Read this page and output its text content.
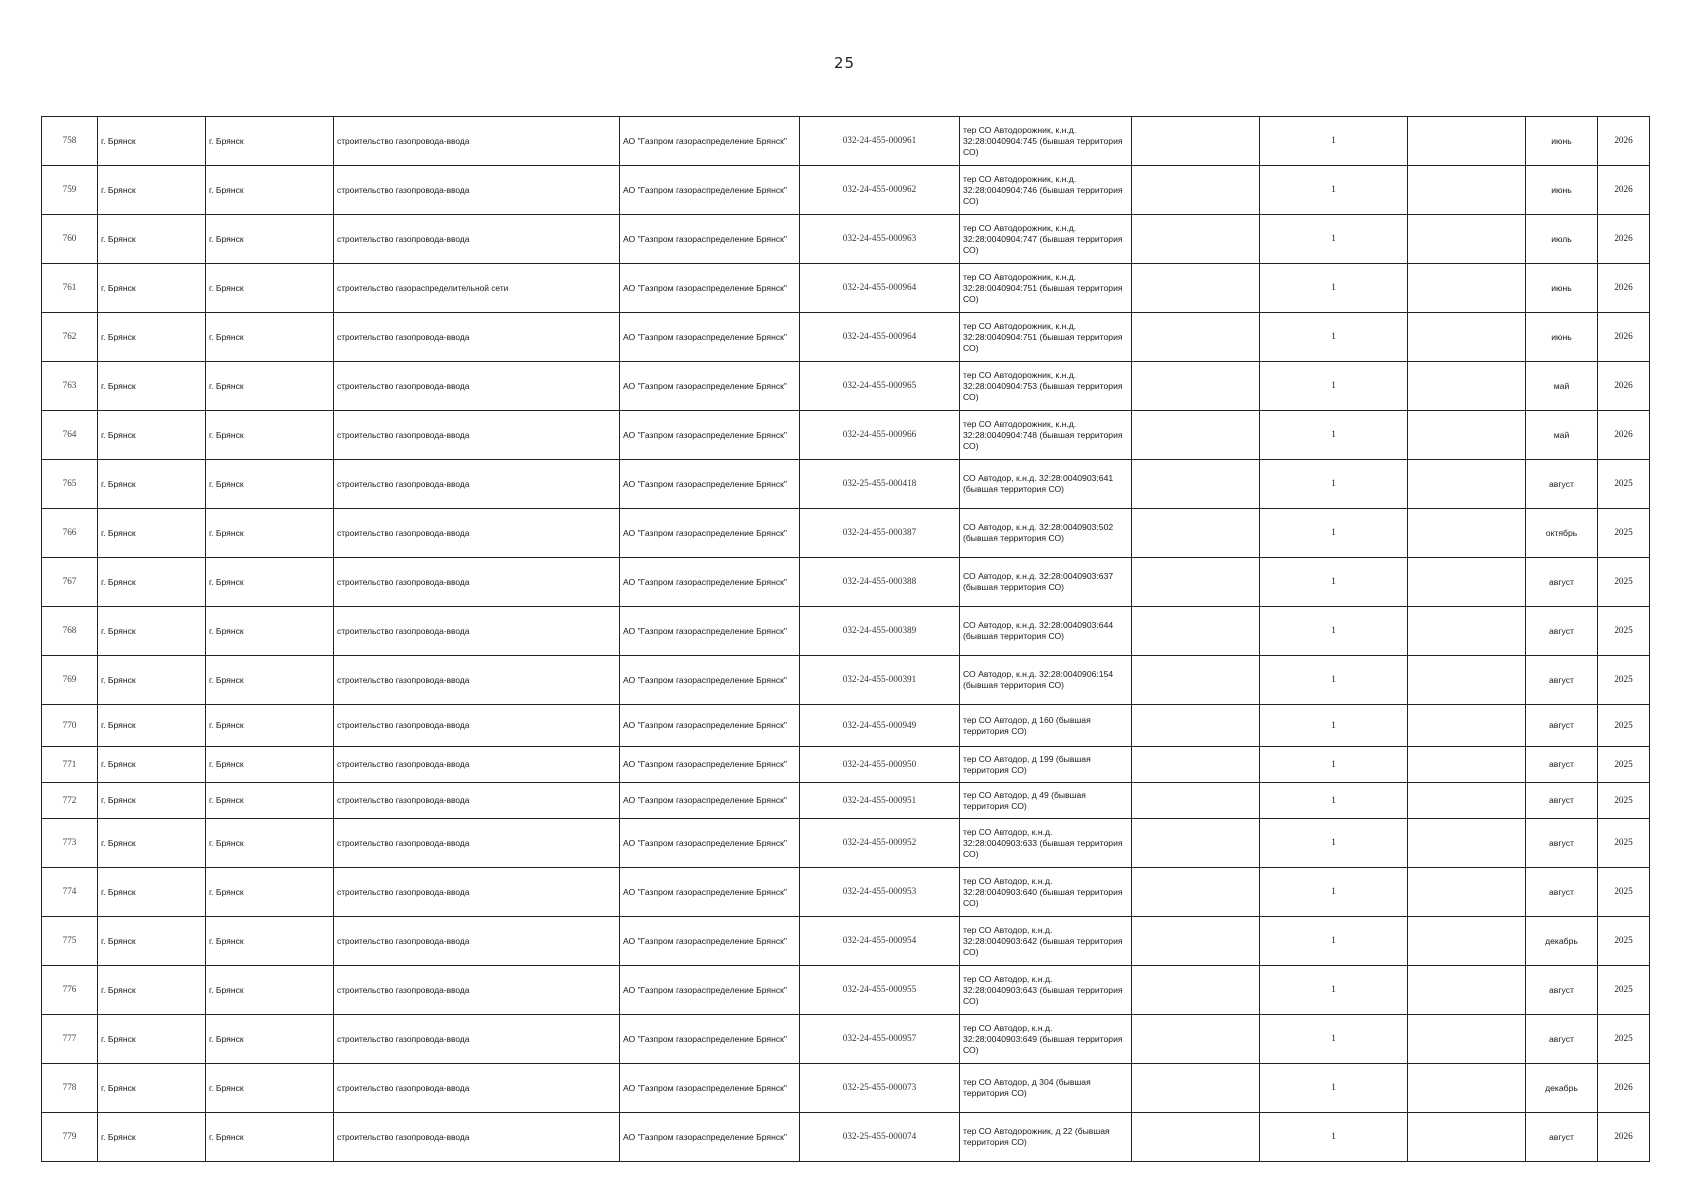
25
758	г. Брянск	г. Брянск	строительство газопровода-ввода	АО "Газпром газораспределение Брянск"	032-24-455-000961	тер СО Автодорожник, к.н.д. 32:28:0040904:745 (бывшая территория СО)		1		июнь	2026
759	г. Брянск	г. Брянск	строительство газопровода-ввода	АО "Газпром газораспределение Брянск"	032-24-455-000962	тер СО Автодорожник, к.н.д. 32:28:0040904:746 (бывшая территория СО)		1		июнь	2026
760	г. Брянск	г. Брянск	строительство газопровода-ввода	АО "Газпром газораспределение Брянск"	032-24-455-000963	тер СО Автодорожник, к.н.д. 32:28:0040904:747 (бывшая территория СО)		1		июль	2026
761	г. Брянск	г. Брянск	строительство газораспределительной сети	АО "Газпром газораспределение Брянск"	032-24-455-000964	тер СО Автодорожник, к.н.д. 32:28:0040904:751 (бывшая территория СО)		1		июнь	2026
762	г. Брянск	г. Брянск	строительство газопровода-ввода	АО "Газпром газораспределение Брянск"	032-24-455-000964	тер СО Автодорожник, к.н.д. 32:28:0040904:751 (бывшая территория СО)		1		июнь	2026
763	г. Брянск	г. Брянск	строительство газопровода-ввода	АО "Газпром газораспределение Брянск"	032-24-455-000965	тер СО Автодорожник, к.н.д. 32:28:0040904:753 (бывшая территория СО)		1		май	2026
764	г. Брянск	г. Брянск	строительство газопровода-ввода	АО "Газпром газораспределение Брянск"	032-24-455-000966	тер СО Автодорожник, к.н.д. 32:28:0040904:748 (бывшая территория СО)		1		май	2026
765	г. Брянск	г. Брянск	строительство газопровода-ввода	АО "Газпром газораспределение Брянск"	032-25-455-000418	СО Автодор, к.н.д. 32:28:0040903:641 (бывшая территория СО)		1		август	2025
766	г. Брянск	г. Брянск	строительство газопровода-ввода	АО "Газпром газораспределение Брянск"	032-24-455-000387	СО Автодор, к.н.д. 32:28:0040903:502 (бывшая территория СО)		1		октябрь	2025
767	г. Брянск	г. Брянск	строительство газопровода-ввода	АО "Газпром газораспределение Брянск"	032-24-455-000388	СО Автодор, к.н.д. 32:28:0040903:637 (бывшая территория СО)		1		август	2025
768	г. Брянск	г. Брянск	строительство газопровода-ввода	АО "Газпром газораспределение Брянск"	032-24-455-000389	СО Автодор, к.н.д. 32:28:0040903:644 (бывшая территория СО)		1		август	2025
769	г. Брянск	г. Брянск	строительство газопровода-ввода	АО "Газпром газораспределение Брянск"	032-24-455-000391	СО Автодор, к.н.д. 32:28:0040906:154 (бывшая территория СО)		1		август	2025
770	г. Брянск	г. Брянск	строительство газопровода-ввода	АО "Газпром газораспределение Брянск"	032-24-455-000949	тер СО Автодор, д 160 (бывшая территория СО)		1		август	2025
771	г. Брянск	г. Брянск	строительство газопровода-ввода	АО "Газпром газораспределение Брянск"	032-24-455-000950	тер СО Автодор, д 199 (бывшая территория СО)		1		август	2025
772	г. Брянск	г. Брянск	строительство газопровода-ввода	АО "Газпром газораспределение Брянск"	032-24-455-000951	тер СО Автодор, д 49 (бывшая территория СО)		1		август	2025
773	г. Брянск	г. Брянск	строительство газопровода-ввода	АО "Газпром газораспределение Брянск"	032-24-455-000952	тер СО Автодор, к.н.д. 32:28:0040903:633 (бывшая территория СО)		1		август	2025
774	г. Брянск	г. Брянск	строительство газопровода-ввода	АО "Газпром газораспределение Брянск"	032-24-455-000953	тер СО Автодор, к.н.д. 32:28:0040903:640 (бывшая территория СО)		1		август	2025
775	г. Брянск	г. Брянск	строительство газопровода-ввода	АО "Газпром газораспределение Брянск"	032-24-455-000954	тер СО Автодор, к.н.д. 32:28:0040903:642 (бывшая территория СО)		1		декабрь	2025
776	г. Брянск	г. Брянск	строительство газопровода-ввода	АО "Газпром газораспределение Брянск"	032-24-455-000955	тер СО Автодор, к.н.д. 32:28:0040903:643 (бывшая территория СО)		1		август	2025
777	г. Брянск	г. Брянск	строительство газопровода-ввода	АО "Газпром газораспределение Брянск"	032-24-455-000957	тер СО Автодор, к.н.д. 32:28:0040903:649 (бывшая территория СО)		1		август	2025
778	г. Брянск	г. Брянск	строительство газопровода-ввода	АО "Газпром газораспределение Брянск"	032-25-455-000073	тер СО Автодор, д 304 (бывшая территория СО)		1		декабрь	2026
779	г. Брянск	г. Брянск	строительство газопровода-ввода	АО "Газпром газораспределение Брянск"	032-25-455-000074	тер СО Автодорожник, д 22 (бывшая территория СО)		1		август	2026
